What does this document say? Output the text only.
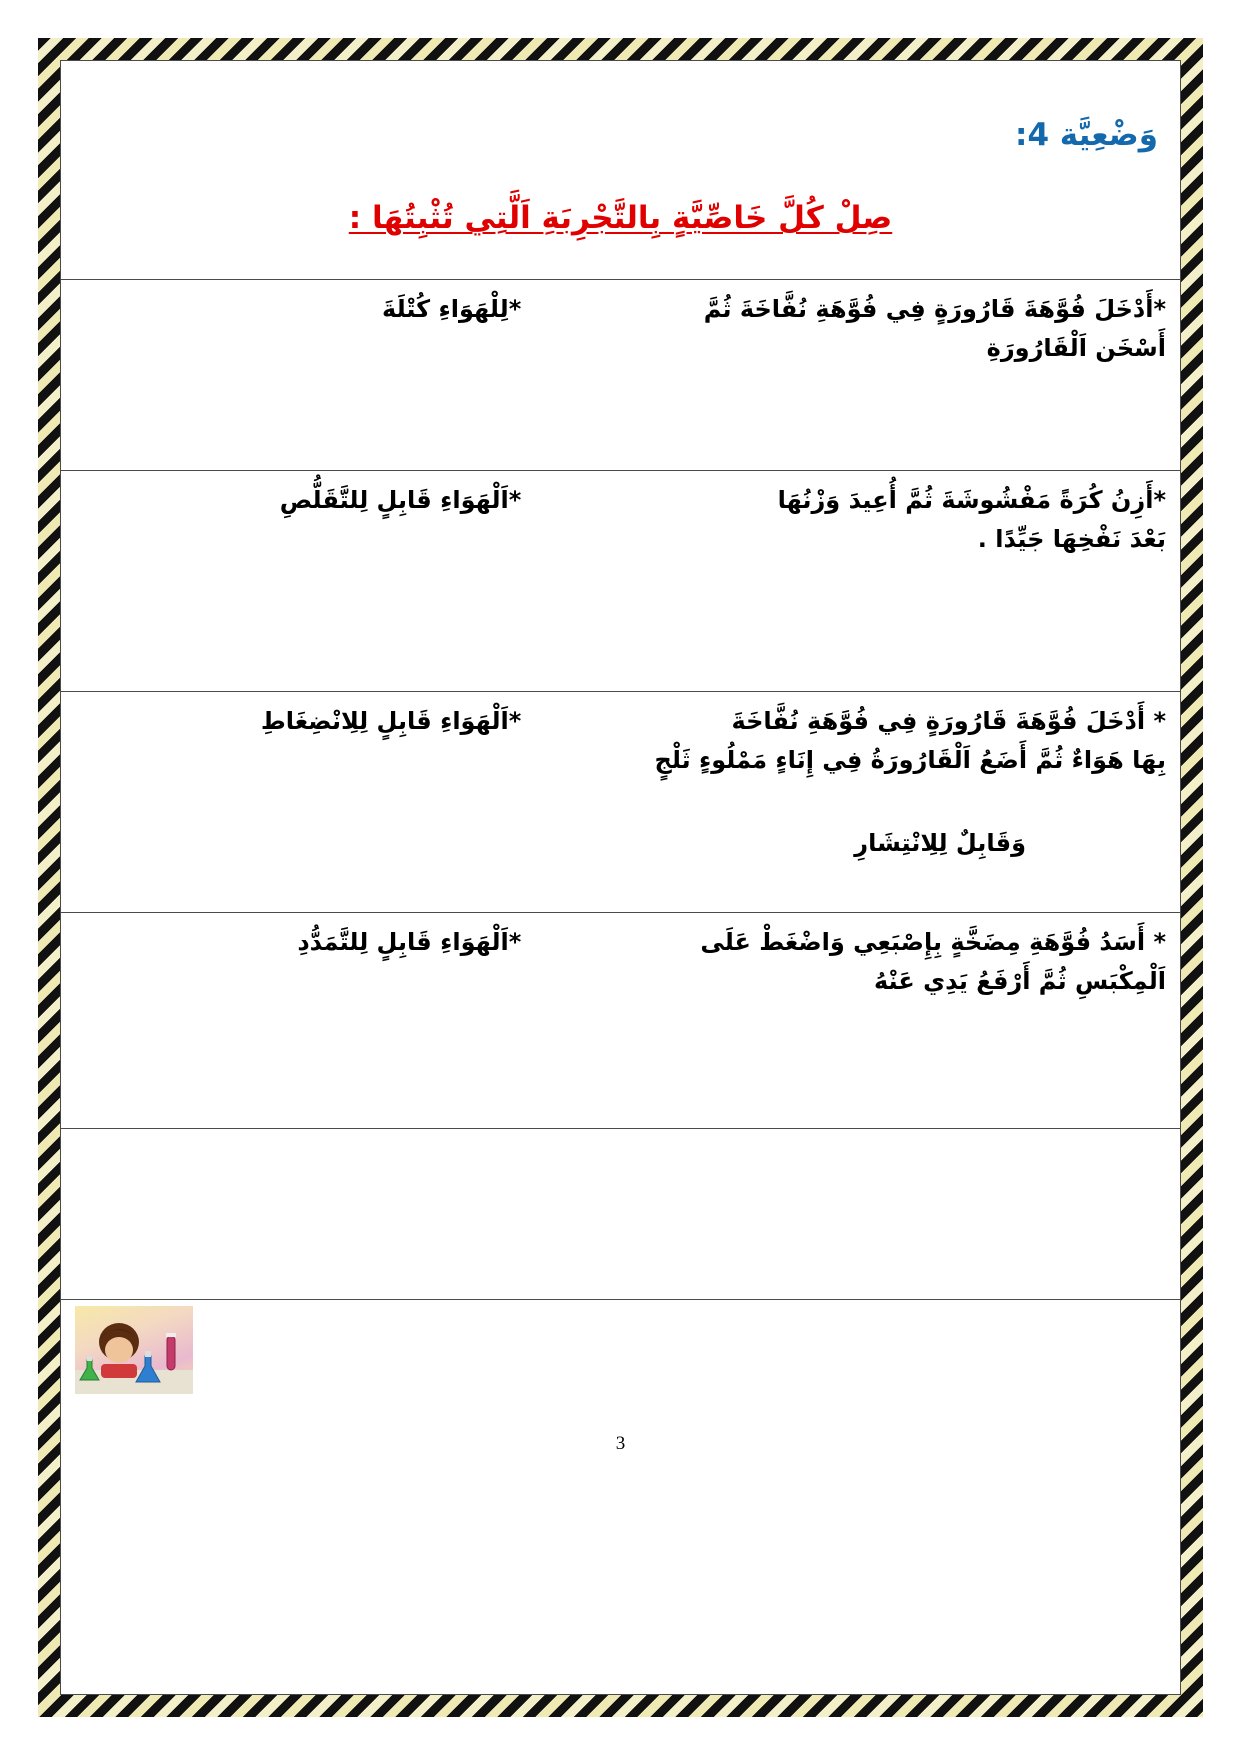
وَضْعِيَّة 4:
صِلْ كُلَّ خَاصِّيَّةٍ بِالتَّجْرِبَةِ اَلَّتِي تُثْبِتُهَا :
*أَدْخَلَ فُوَّهَةَ قَارُورَةٍ فِي فُوَّهَةِ نُفَّاخَةَ ثُمَّ
أَسْخَن اَلْقَارُورَةِ	*لِلْهَوَاءِ كُتْلَةَ

*أَزِنُ كُرَةً مَفْشُوشَةَ ثُمَّ أُعِيدَ وَزْنُهَا
بَعْدَ نَفْخِهَا جَيِّدًا .	*اَلْهَوَاءِ قَابِلٍ لِلتَّقَلُّصِ

* أَدْخَلَ فُوَّهَةَ قَارُورَةٍ فِي فُوَّهَةِ نُفَّاخَةَ
بِهَا هَوَاءٌ ثُمَّ أَضَعُ اَلْقَارُورَةُ فِي إِنَاءٍ مَمْلُوءٍ ثَلْجٍ
وَقَابِلٌ لِلِانْتِشَارِ	*اَلْهَوَاءِ قَابِلٍ لِلِانْضِغَاطِ

* أَسَدُ فُوَّهَةِ مِضَخَّةٍ بِإِصْبَعِي وَاضْغَطْ عَلَى
اَلْمِكْبَسِ ثُمَّ أَرْفَعُ يَدِي عَنْهُ	*اَلْهَوَاءِ قَابِلٍ لِلتَّمَدُّدِ

3
